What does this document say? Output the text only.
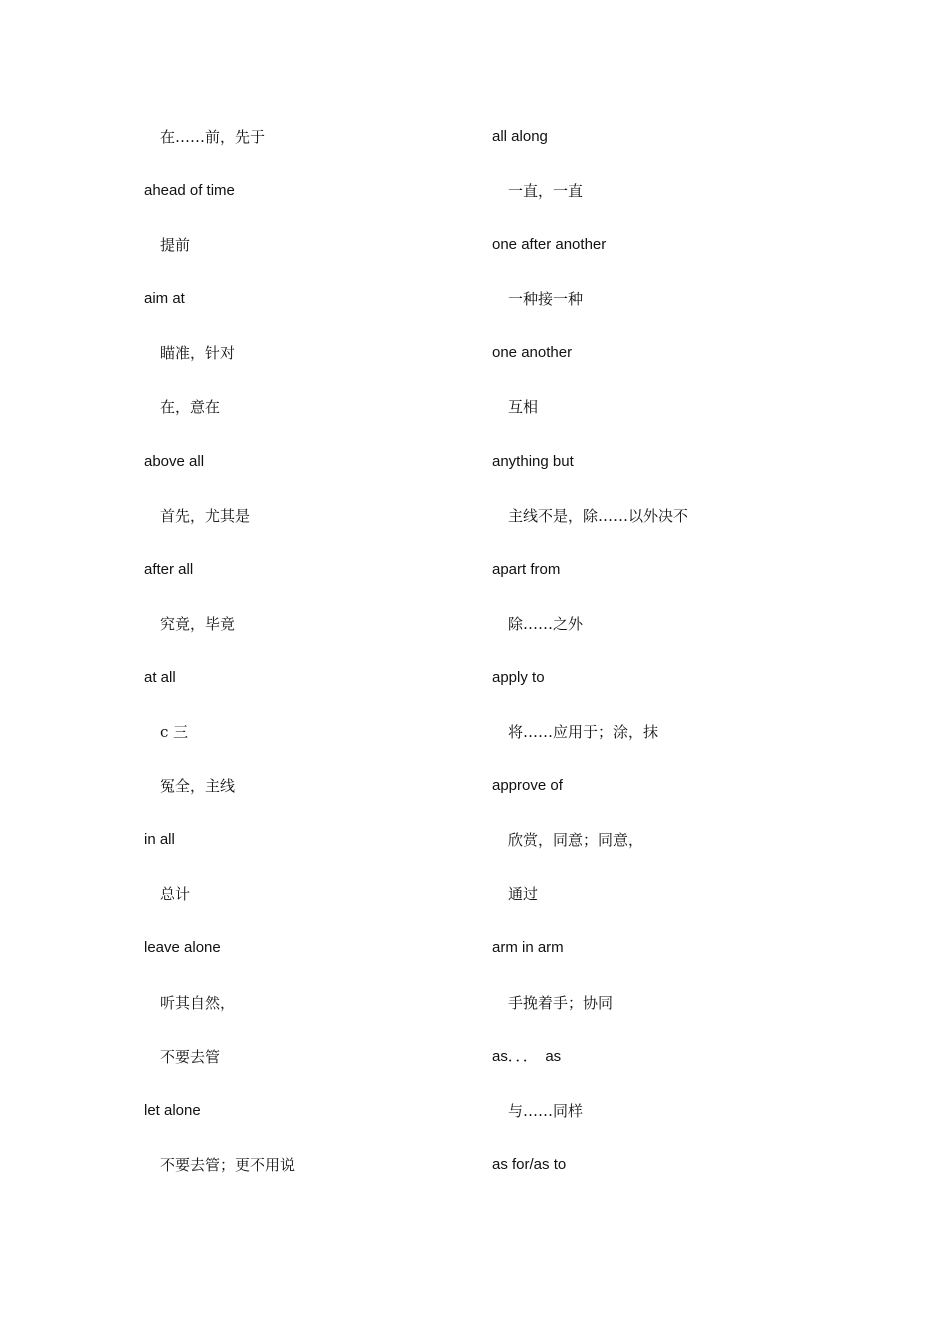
在……前，先于
ahead of time
提前
aim at
瞄准，针对
在，意在
above all
首先，尤其是
after all
究竟，毕竟
at all
c 三
冤全，主线
in all
总计
leave alone
听其自然，
不要去管
let alone
不要去管；更不用说
all along
一直，一直
one after another
一种接一种
one another
互相
anything but
主线不是，除……以外决不
apart from
除……之外
apply to
将……应用于；涂，抹
approve of
欣赏，同意；同意，
通过
arm in arm
手挽着手；协同
as．．．　as
与……同样
as for/as to
